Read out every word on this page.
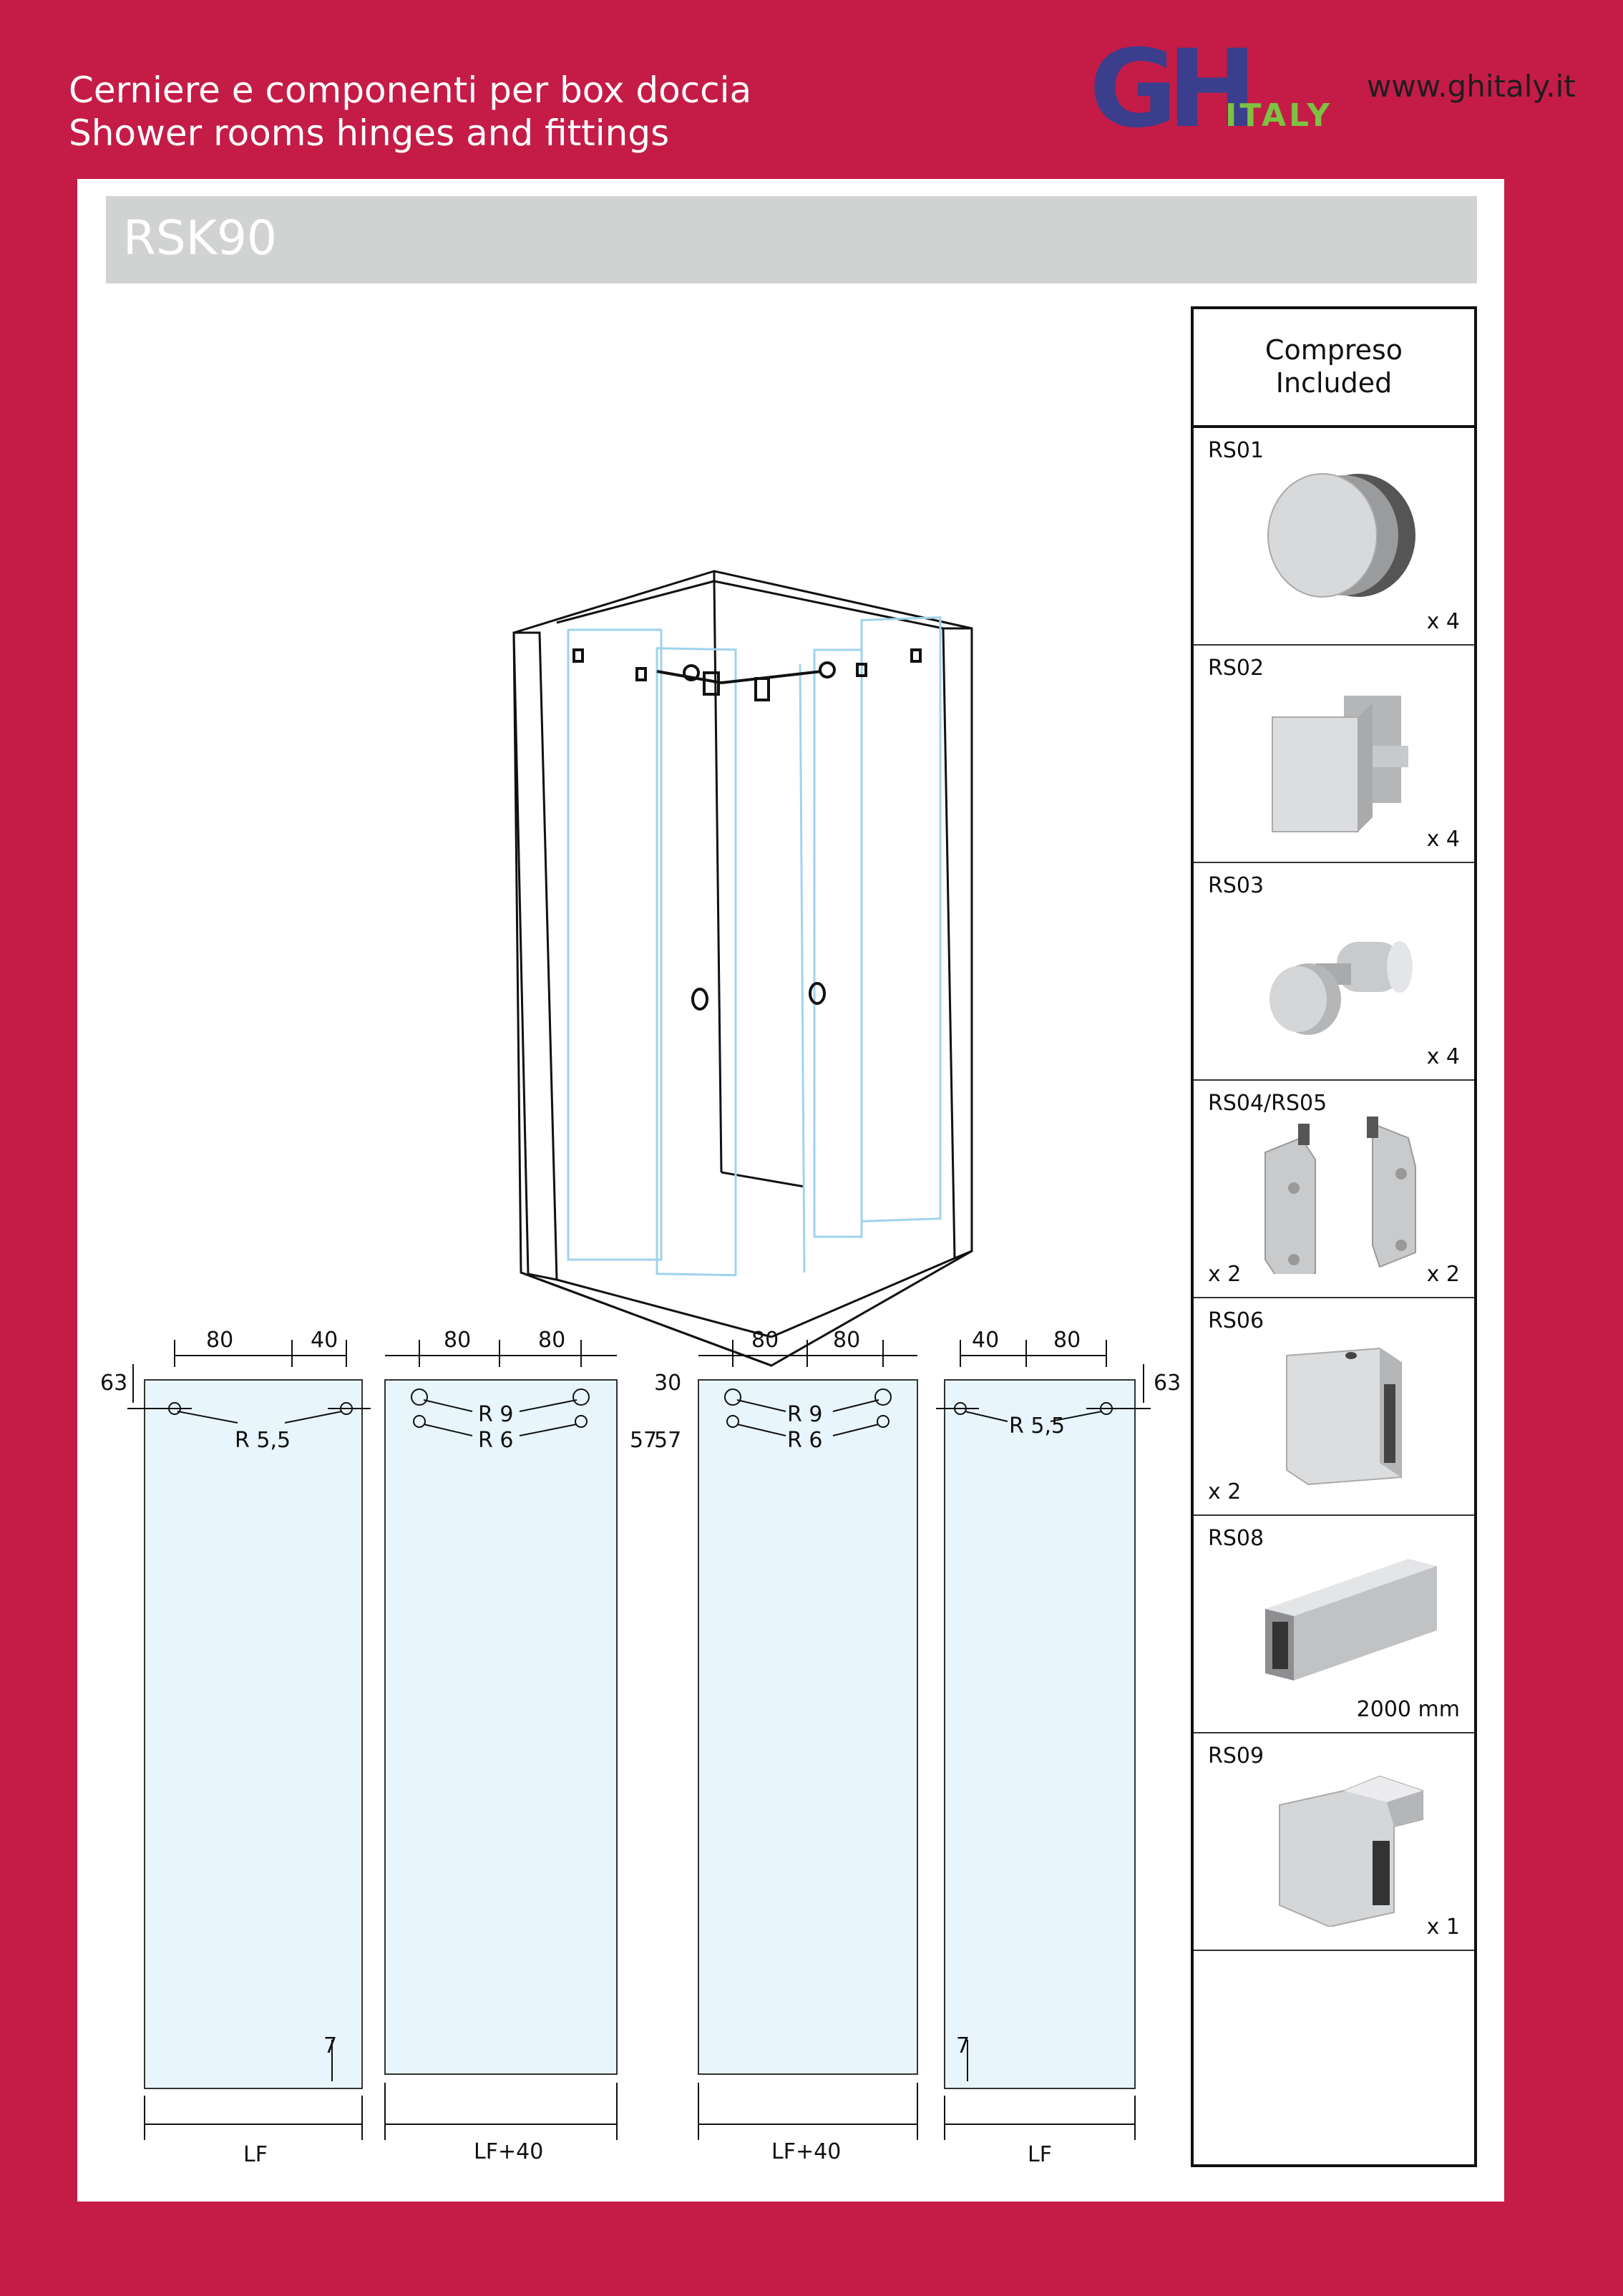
Cerniere e componenti per box doccia
Shower rooms hinges and fittings	GH
ITALY
www.ghitaly.it
RSK90
80	40
63
R 5,5
7
LF
80	80
R 9
R 6	57
LF+40
30
57
80	80
R 9
R 6
LF+40
40	80
63
R 5,5
7
LF
Compreso
Included
RS01
x 4
RS02
x 4
RS03
x 4
RS04/RS05
x 2	x 2
RS06
x 2
RS08
2000 mm
RS09
x 1
